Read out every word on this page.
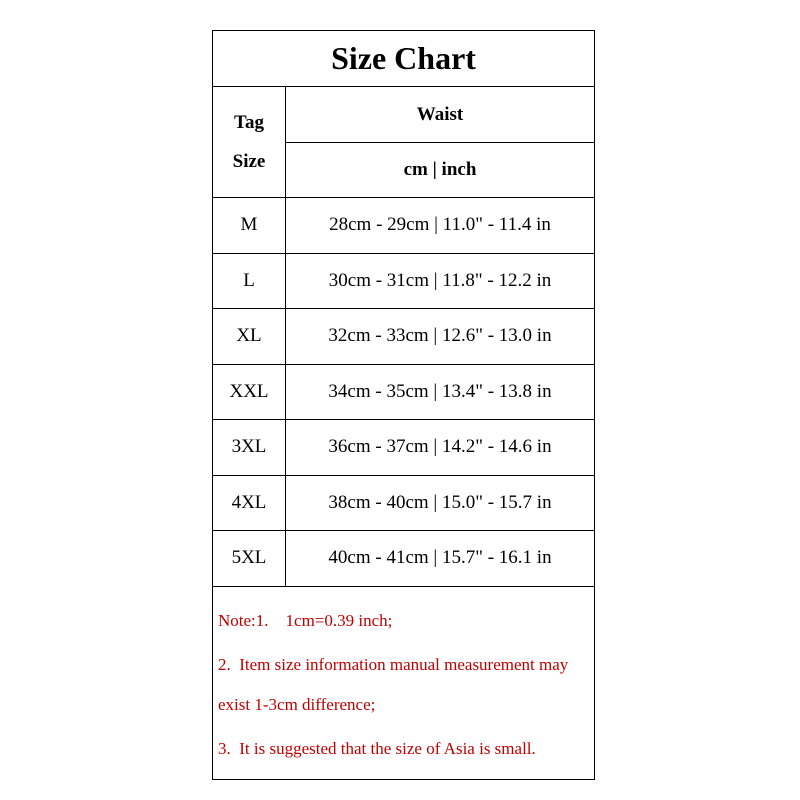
Size Chart
Tag
Size
Waist
cm | inch
M	28cm - 29cm | 11.0" - 11.4 in
L	30cm - 31cm | 11.8" - 12.2 in
XL	32cm - 33cm | 12.6" - 13.0 in
XXL	34cm - 35cm | 13.4" - 13.8 in
3XL	36cm - 37cm | 14.2" - 14.6 in
4XL	38cm - 40cm | 15.0" - 15.7 in
5XL	40cm - 41cm | 15.7" - 16.1 in
Note:1.    1cm=0.39 inch;
2.  Item size information manual measurement may
exist 1-3cm difference;
3.  It is suggested that the size of Asia is small.
